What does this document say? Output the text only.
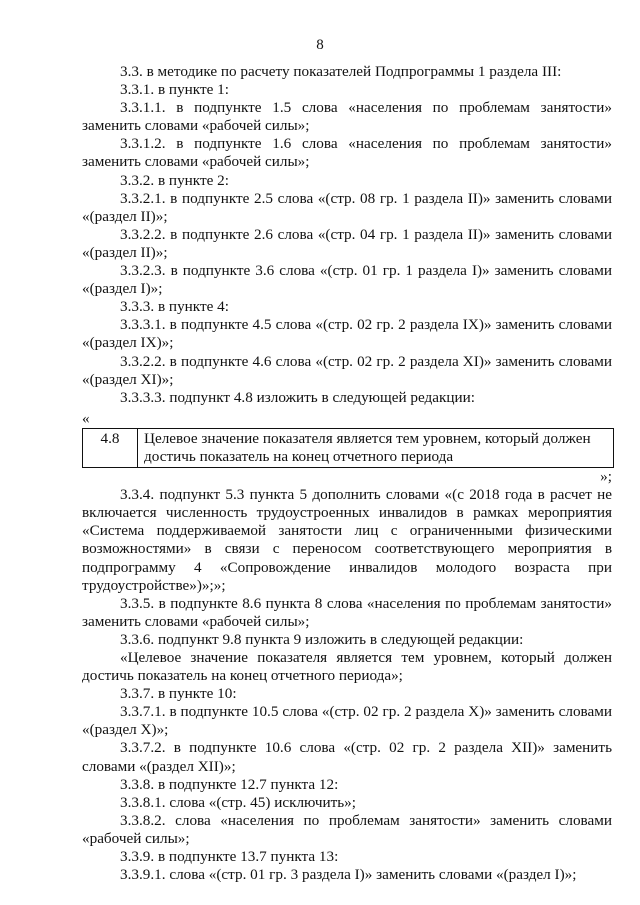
8

3.3. в методике по расчету показателей Подпрограммы 1 раздела III:

3.3.1. в пункте 1:

3.3.1.1. в подпункте 1.5 слова «населения по проблемам занятости» заменить словами «рабочей силы»;

3.3.1.2. в подпункте 1.6 слова «населения по проблемам занятости» заменить словами «рабочей силы»;

3.3.2. в пункте 2:

3.3.2.1. в подпункте 2.5 слова «(стр. 08 гр. 1 раздела II)» заменить словами «(раздел II)»;

3.3.2.2. в подпункте 2.6 слова «(стр. 04 гр. 1 раздела II)» заменить словами «(раздел II)»;

3.3.2.3. в подпункте 3.6 слова «(стр. 01 гр. 1 раздела I)» заменить словами «(раздел I)»;

3.3.3. в пункте 4:

3.3.3.1. в подпункте 4.5 слова «(стр. 02 гр. 2 раздела IX)» заменить словами «(раздел IX)»;

3.3.2.2. в подпункте 4.6 слова «(стр. 02 гр. 2 раздела XI)» заменить словами «(раздел XI)»;

3.3.3.3. подпункт 4.8 изложить в следующей редакции:

«

4.8	Целевое значение показателя является тем уровнем, который должен достичь показатель на конец отчетного периода

»;

3.3.4. подпункт 5.3 пункта 5 дополнить словами «(с 2018 года в расчет не включается численность трудоустроенных инвалидов в рамках мероприятия «Система поддерживаемой занятости лиц с ограниченными физическими возможностями» в связи с переносом соответствующего мероприятия в подпрограмму 4 «Сопровождение инвалидов молодого возраста при трудоустройстве»)»;»;

3.3.5. в подпункте 8.6 пункта 8 слова «населения по проблемам занятости» заменить словами «рабочей силы»;

3.3.6. подпункт 9.8 пункта 9 изложить в следующей редакции:

«Целевое значение показателя является тем уровнем, который должен достичь показатель на конец отчетного периода»;

3.3.7. в пункте 10:

3.3.7.1. в подпункте 10.5 слова «(стр. 02 гр. 2 раздела X)» заменить словами «(раздел X)»;

3.3.7.2. в подпункте 10.6 слова «(стр. 02 гр. 2 раздела XII)» заменить словами «(раздел XII)»;

3.3.8. в подпункте 12.7 пункта 12:

3.3.8.1. слова «(стр. 45) исключить»;

3.3.8.2. слова «населения по проблемам занятости» заменить словами «рабочей силы»;

3.3.9. в подпункте 13.7 пункта 13:

3.3.9.1. слова «(стр. 01 гр. 3 раздела I)» заменить словами «(раздел I)»;
